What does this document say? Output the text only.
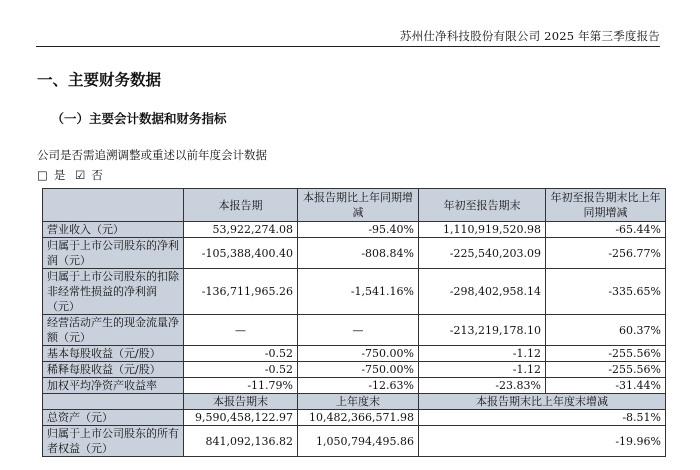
苏州仕净科技股份有限公司 2025 年第三季度报告
一、主要财务数据
（一）主要会计数据和财务指标
公司是否需追溯调整或重述以前年度会计数据
□ 是 ☑ 否
	本报告期	本报告期比上年同期增减	年初至报告期末	年初至报告期末比上年同期增减
营业收入（元）	53,922,274.08	-95.40%	1,110,919,520.98	-65.44%
归属于上市公司股东的净利润（元）	-105,388,400.40	-808.84%	-225,540,203.09	-256.77%
归属于上市公司股东的扣除非经常性损益的净利润（元）	-136,711,965.26	-1,541.16%	-298,402,958.14	-335.65%
经营活动产生的现金流量净额（元）	—	—	-213,219,178.10	60.37%
基本每股收益（元/股）	-0.52	-750.00%	-1.12	-255.56%
稀释每股收益（元/股）	-0.52	-750.00%	-1.12	-255.56%
加权平均净资产收益率	-11.79%	-12.63%	-23.83%	-31.44%
	本报告期末	上年度末	本报告期末比上年度末增减	
总资产（元）	9,590,458,122.97	10,482,366,571.98	-8.51%	
归属于上市公司股东的所有者权益（元）	841,092,136.82	1,050,794,495.86	-19.96%	
